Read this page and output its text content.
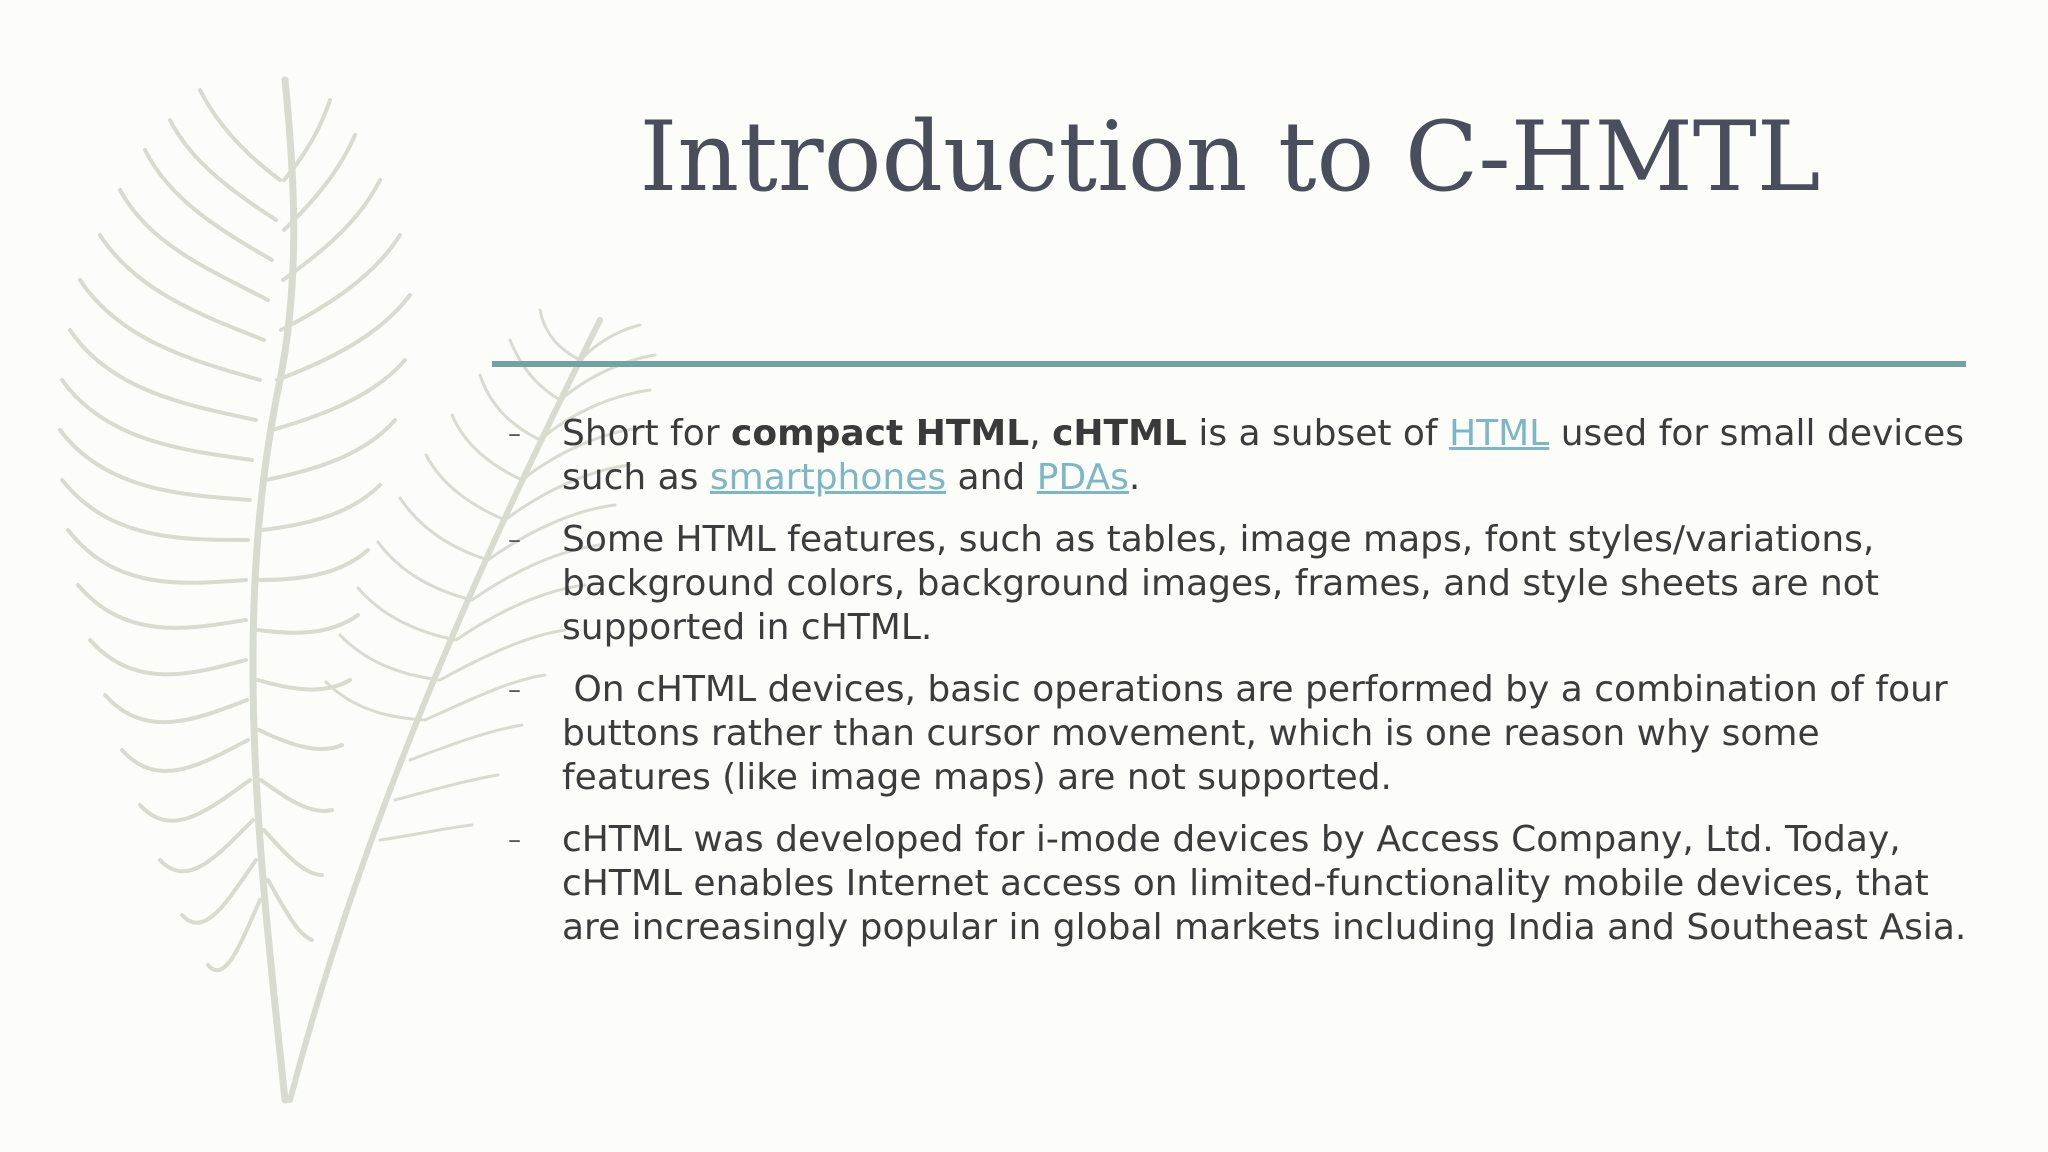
Introduction to C-HMTL
– Short for compact HTML, cHTML is a subset of HTML used for small devices such as smartphones and PDAs.
– Some HTML features, such as tables, image maps, font styles/variations, background colors, background images, frames, and style sheets are not supported in cHTML.
– On cHTML devices, basic operations are performed by a combination of four buttons rather than cursor movement, which is one reason why some features (like image maps) are not supported.
– cHTML was developed for i-mode devices by Access Company, Ltd. Today, cHTML enables Internet access on limited-functionality mobile devices, that are increasingly popular in global markets including India and Southeast Asia.
